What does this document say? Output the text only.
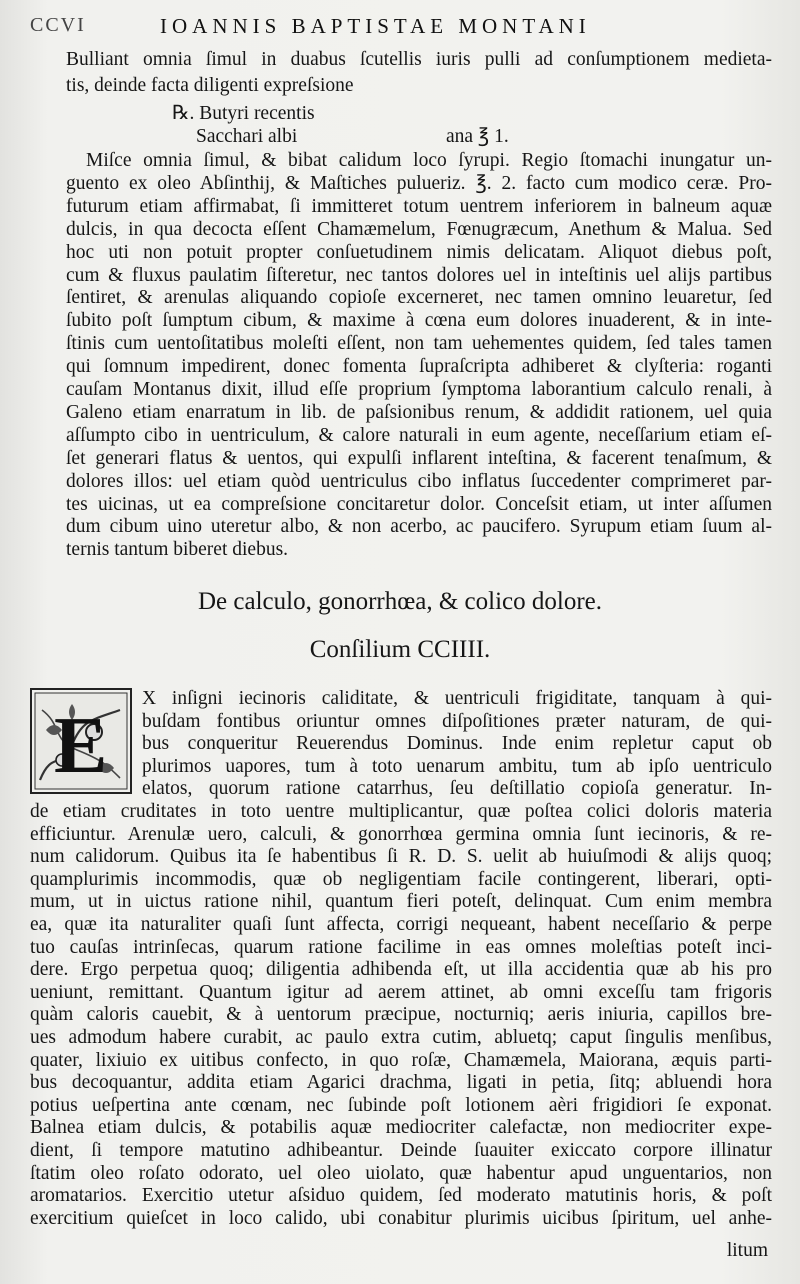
CCVI	IOANNIS BAPTISTAE MONTANI
Bulliant omnia ſimul in duabus ſcutellis iuris pulli ad conſumptionem medieta-
tis, deinde facta diligenti expreſsione
℞. Butyri recentis
Sacchari albi	ana ℥ 1.
Miſce omnia ſimul, & bibat calidum loco ſyrupi. Regio ſtomachi inungatur un-
guento ex oleo Abſinthij, & Maſtiches pulueriz. ℥. 2. facto cum modico ceræ. Pro-
futurum etiam affirmabat, ſi immitteret totum uentrem inferiorem in balneum aquæ
dulcis, in qua decocta eſſent Chamæmelum, Fœnugræcum, Anethum & Malua. Sed
hoc uti non potuit propter conſuetudinem nimis delicatam. Aliquot diebus poſt,
cum & fluxus paulatim ſiſteretur, nec tantos dolores uel in inteſtinis uel alijs partibus
ſentiret, & arenulas aliquando copioſe excerneret, nec tamen omnino leuaretur, ſed
ſubito poſt ſumptum cibum, & maxime à cœna eum dolores inuaderent, & in inte-
ſtinis cum uentoſitatibus moleſti eſſent, non tam uehementes quidem, ſed tales tamen
qui ſomnum impedirent, donec fomenta ſupraſcripta adhiberet & clyſteria: roganti
cauſam Montanus dixit, illud eſſe proprium ſymptoma laborantium calculo renali, à
Galeno etiam enarratum in lib. de paſsionibus renum, & addidit rationem, uel quia
aſſumpto cibo in uentriculum, & calore naturali in eum agente, neceſſarium etiam eſ-
ſet generari flatus & uentos, qui expulſi inflarent inteſtina, & facerent tenaſmum, &
dolores illos: uel etiam quòd uentriculus cibo inflatus ſuccedenter comprimeret par-
tes uicinas, ut ea compreſsione concitaretur dolor. Conceſsit etiam, ut inter aſſumen
dum cibum uino uteretur albo, & non acerbo, ac paucifero. Syrupum etiam ſuum al-
ternis tantum biberet diebus.
De calculo, gonorrhœa, & colico dolore.
Conſilium CCIIII.
E
X inſigni iecinoris caliditate, & uentriculi frigiditate, tanquam à qui-
buſdam fontibus oriuntur omnes diſpoſitiones præter naturam, de qui-
bus conqueritur Reuerendus Dominus. Inde enim repletur caput ob
plurimos uapores, tum à toto uenarum ambitu, tum ab ipſo uentriculo
elatos, quorum ratione catarrhus, ſeu deſtillatio copioſa generatur. In-
de etiam cruditates in toto uentre multiplicantur, quæ poſtea colici doloris materia
efficiuntur. Arenulæ uero, calculi, & gonorrhœa germina omnia ſunt iecinoris, & re-
num calidorum. Quibus ita ſe habentibus ſi R. D. S. uelit ab huiuſmodi & alijs quoq;
quamplurimis incommodis, quæ ob negligentiam facile contingerent, liberari, opti-
mum, ut in uictus ratione nihil, quantum fieri poteſt, delinquat. Cum enim membra
ea, quæ ita naturaliter quaſi ſunt affecta, corrigi nequeant, habent neceſſario & perpe
tuo cauſas intrinſecas, quarum ratione facilime in eas omnes moleſtias poteſt inci-
dere. Ergo perpetua quoq; diligentia adhibenda eſt, ut illa accidentia quæ ab his pro
ueniunt, remittant. Quantum igitur ad aerem attinet, ab omni exceſſu tam frigoris
quàm caloris cauebit, & à uentorum præcipue, nocturniq; aeris iniuria, capillos bre-
ues admodum habere curabit, ac paulo extra cutim, abluetq; caput ſingulis menſibus,
quater, lixiuio ex uitibus confecto, in quo roſæ, Chamæmela, Maiorana, æquis parti-
bus decoquantur, addita etiam Agarici drachma, ligati in petia, ſitq; abluendi hora
potius ueſpertina ante cœnam, nec ſubinde poſt lotionem aèri frigidiori ſe exponat.
Balnea etiam dulcis, & potabilis aquæ mediocriter calefactæ, non mediocriter expe-
dient, ſi tempore matutino adhibeantur. Deinde ſuauiter exiccato corpore illinatur
ſtatim oleo roſato odorato, uel oleo uiolato, quæ habentur apud unguentarios, non
aromatarios. Exercitio utetur aſsiduo quidem, ſed moderato matutinis horis, & poſt
exercitium quieſcet in loco calido, ubi conabitur plurimis uicibus ſpiritum, uel anhe-
litum
